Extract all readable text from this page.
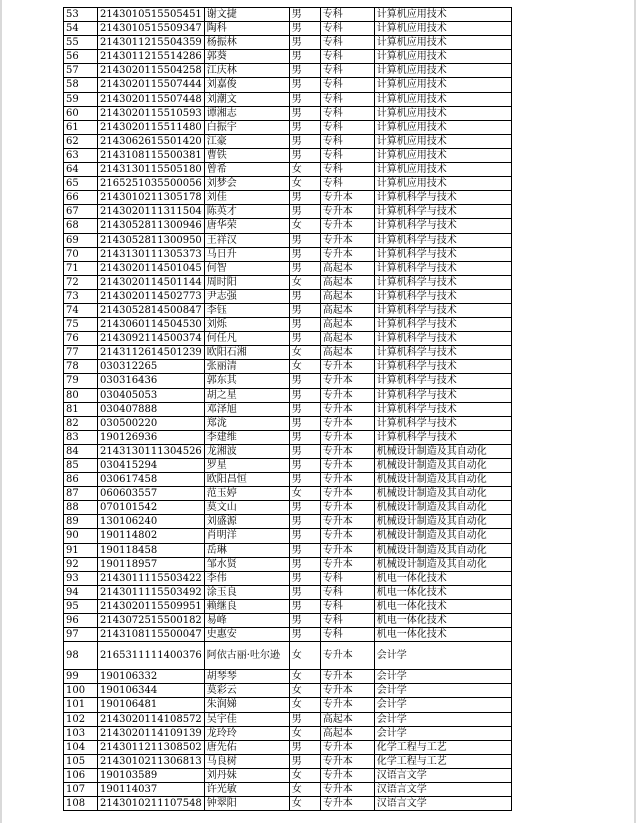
53	2143010515505451	谢文捷	男	专科	计算机应用技术
54	2143010515509347	陶科	男	专科	计算机应用技术
55	2143011215504359	杨振林	男	专科	计算机应用技术
56	2143011215514286	郭葵	男	专科	计算机应用技术
57	2143020115504258	江庆林	男	专科	计算机应用技术
58	2143020115507444	刘嘉俊	男	专科	计算机应用技术
59	2143020115507448	刘潮文	男	专科	计算机应用技术
60	2143020115510593	谭湘志	男	专科	计算机应用技术
61	2143020115511480	白振宇	男	专科	计算机应用技术
62	2143062615501420	江豪	男	专科	计算机应用技术
63	2143108115500381	曹铁	男	专科	计算机应用技术
64	2143130115505180	曾希	女	专科	计算机应用技术
65	2165251035500056	刘梦会	女	专科	计算机应用技术
66	2143010211305178	刘佳	男	专升本	计算机科学与技术
67	2143020111311504	陈英才	男	专升本	计算机科学与技术
68	2143052811300946	唐华荣	女	专升本	计算机科学与技术
69	2143052811300950	王祥汉	男	专升本	计算机科学与技术
70	2143130111305373	马日升	男	专升本	计算机科学与技术
71	2143020114501045	何智	男	高起本	计算机科学与技术
72	2143020114501144	周时阳	女	高起本	计算机科学与技术
73	2143020114502773	尹志强	男	高起本	计算机科学与技术
74	2143052814500847	李钰	男	高起本	计算机科学与技术
75	2143060114504530	刘烁	男	高起本	计算机科学与技术
76	2143092114500374	何任凡	男	高起本	计算机科学与技术
77	2143112614501239	欧阳石湘	女	高起本	计算机科学与技术
78	030312265	张丽清	女	专升本	计算机科学与技术
79	030316436	郭东其	男	专升本	计算机科学与技术
80	030405053	胡之星	男	专升本	计算机科学与技术
81	030407888	邓泽旭	男	专升本	计算机科学与技术
82	030500220	郑泷	男	专升本	计算机科学与技术
83	190126936	李建维	男	专升本	计算机科学与技术
84	2143130111304526	龙湘波	男	专升本	机械设计制造及其自动化
85	030415294	罗星	男	专升本	机械设计制造及其自动化
86	030617458	欧阳昌恒	男	专升本	机械设计制造及其自动化
87	060603557	范玉婷	女	专升本	机械设计制造及其自动化
88	070101542	莫文山	男	专升本	机械设计制造及其自动化
89	130106240	刘盛源	男	专升本	机械设计制造及其自动化
90	190114802	肖明洋	男	专升本	机械设计制造及其自动化
91	190118458	岳琳	男	专升本	机械设计制造及其自动化
92	190118957	邹水贤	男	专升本	机械设计制造及其自动化
93	2143011115503422	李伟	男	专科	机电一体化技术
94	2143011115503492	涂玉良	男	专科	机电一体化技术
95	2143020115509951	赖继良	男	专科	机电一体化技术
96	2143072515500182	易峰	男	专科	机电一体化技术
97	2143108115500047	史惠安	男	专科	机电一体化技术
98	2165311111400376	阿依古丽·吐尔逊	女	专升本	会计学
99	190106332	胡琴琴	女	专升本	会计学
100	190106344	莫彩云	女	专升本	会计学
101	190106481	朱润娣	女	专升本	会计学
102	2143020114108572	吴宇佳	男	高起本	会计学
103	2143020114109139	龙玲玲	女	高起本	会计学
104	2143011211308502	唐先佑	男	专升本	化学工程与工艺
105	2143010211306813	马良树	男	专升本	化学工程与工艺
106	190103589	刘丹妹	女	专升本	汉语言文学
107	190114037	许光敏	女	专升本	汉语言文学
108	2143010211107548	钟翠阳	女	专升本	汉语言文学
